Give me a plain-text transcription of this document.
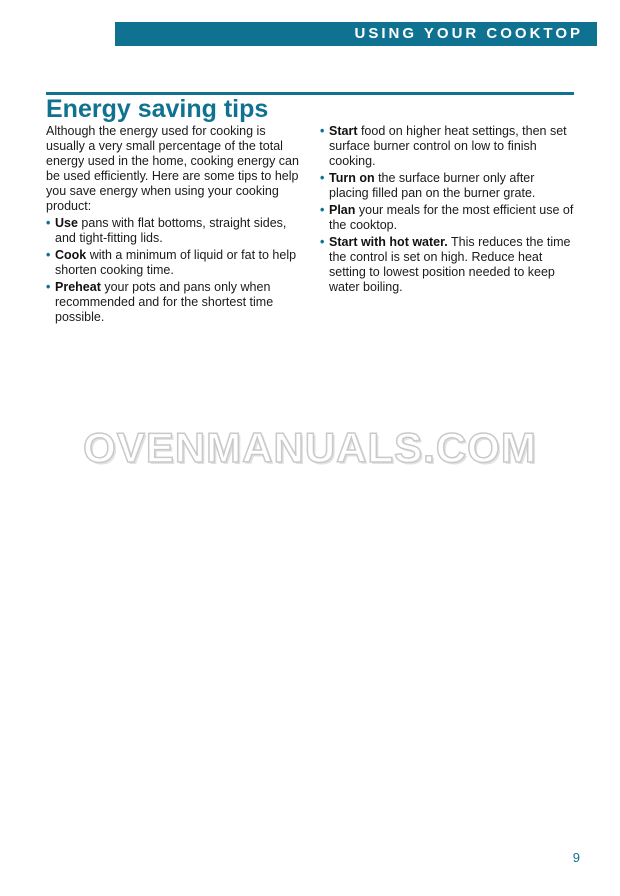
USING YOUR COOKTOP
Energy saving tips

Although the energy used for cooking is usually a very small percentage of the total energy used in the home, cooking energy can be used efficiently. Here are some tips to help you save energy when using your cooking product:

• Use pans with flat bottoms, straight sides, and tight-fitting lids.
• Cook with a minimum of liquid or fat to help shorten cooking time.
• Preheat your pots and pans only when recommended and for the shortest time possible.
• Start food on higher heat settings, then set surface burner control on low to finish cooking.
• Turn on the surface burner only after placing filled pan on the burner grate.
• Plan your meals for the most efficient use of the cooktop.
• Start with hot water. This reduces the time the control is set on high. Reduce heat setting to lowest position needed to keep water boiling.
OVENMANUALS.COM
9
